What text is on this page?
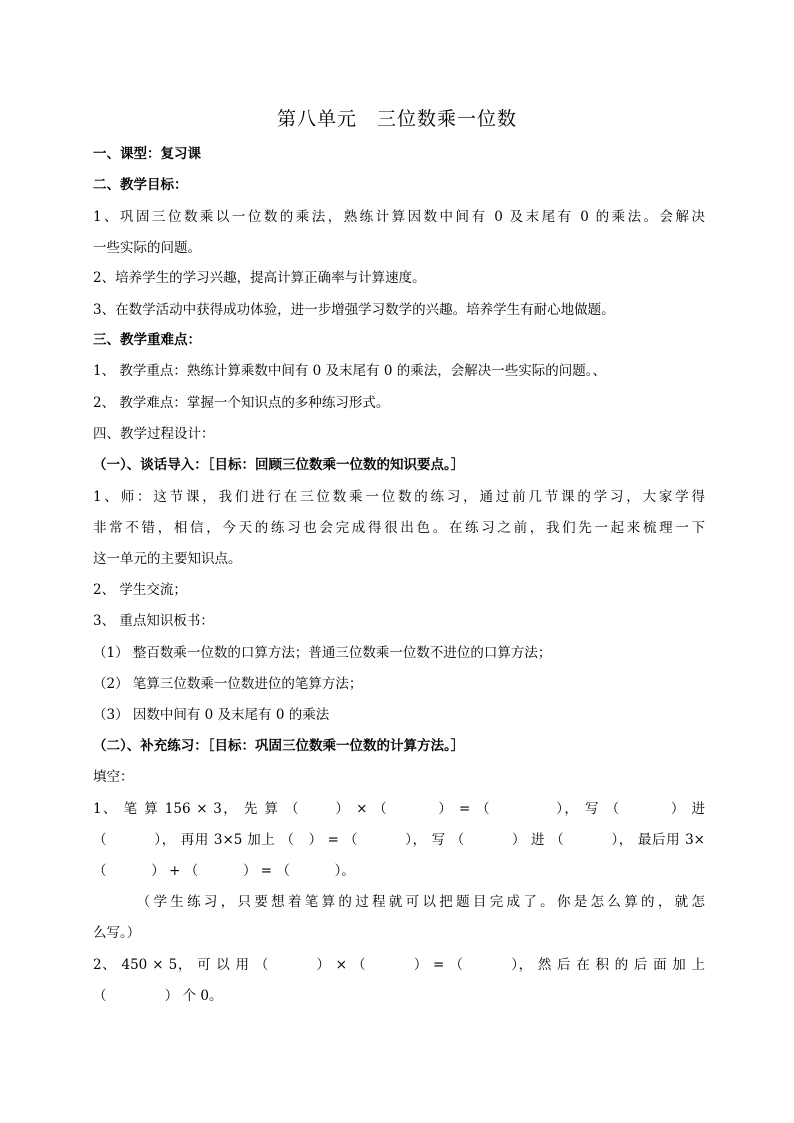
第八单元　三位数乘一位数
一、课型：复习课
二、教学目标：
1、巩固三位数乘以一位数的乘法，熟练计算因数中间有 0 及末尾有 0 的乘法。会解决
一些实际的问题。
2、培养学生的学习兴趣，提高计算正确率与计算速度。
3、在数学活动中获得成功体验，进一步增强学习数学的兴趣。培养学生有耐心地做题。
三、教学重难点：
1、 教学重点：熟练计算乘数中间有 0 及末尾有 0 的乘法，会解决一些实际的问题。、
2、 教学难点：掌握一个知识点的多种练习形式。
四、教学过程设计：
（一）、谈话导入：［目标：回顾三位数乘一位数的知识要点。］
1、师：这节课，我们进行在三位数乘一位数的练习，通过前几节课的学习，大家学得
非常不错，相信，今天的练习也会完成得很出色。在练习之前，我们先一起来梳理一下
这一单元的主要知识点。
2、 学生交流；
3、 重点知识板书：
（1） 整百数乘一位数的口算方法；普通三位数乘一位数不进位的口算方法；
（2） 笔算三位数乘一位数进位的笔算方法；
（3） 因数中间有 0 及末尾有 0 的乘法
（二）、补充练习：［目标：巩固三位数乘一位数的计算方法。］
填空：
1、 笔 算 156 × 3， 先 算 （　　 ） × （　　　 ） = （　　　　 ）， 写 （　　　 ） 进
（　　　 ）， 再用 3×5 加上 （　） = （　　　 ）， 写 （　　　 ） 进 （　　　 ）， 最后用 3×
（　　　 ） + （　　　 ） = （　　　 ）。
　　　（学生练习，只要想着笔算的过程就可以把题目完成了。你是怎么算的，就怎
么写。）
2、 450 × 5， 可 以 用 （　　　 ） × （　　　 ） = （　　　 ）， 然 后 在 积 的 后 面 加 上
（　　　　 ） 个 0。
